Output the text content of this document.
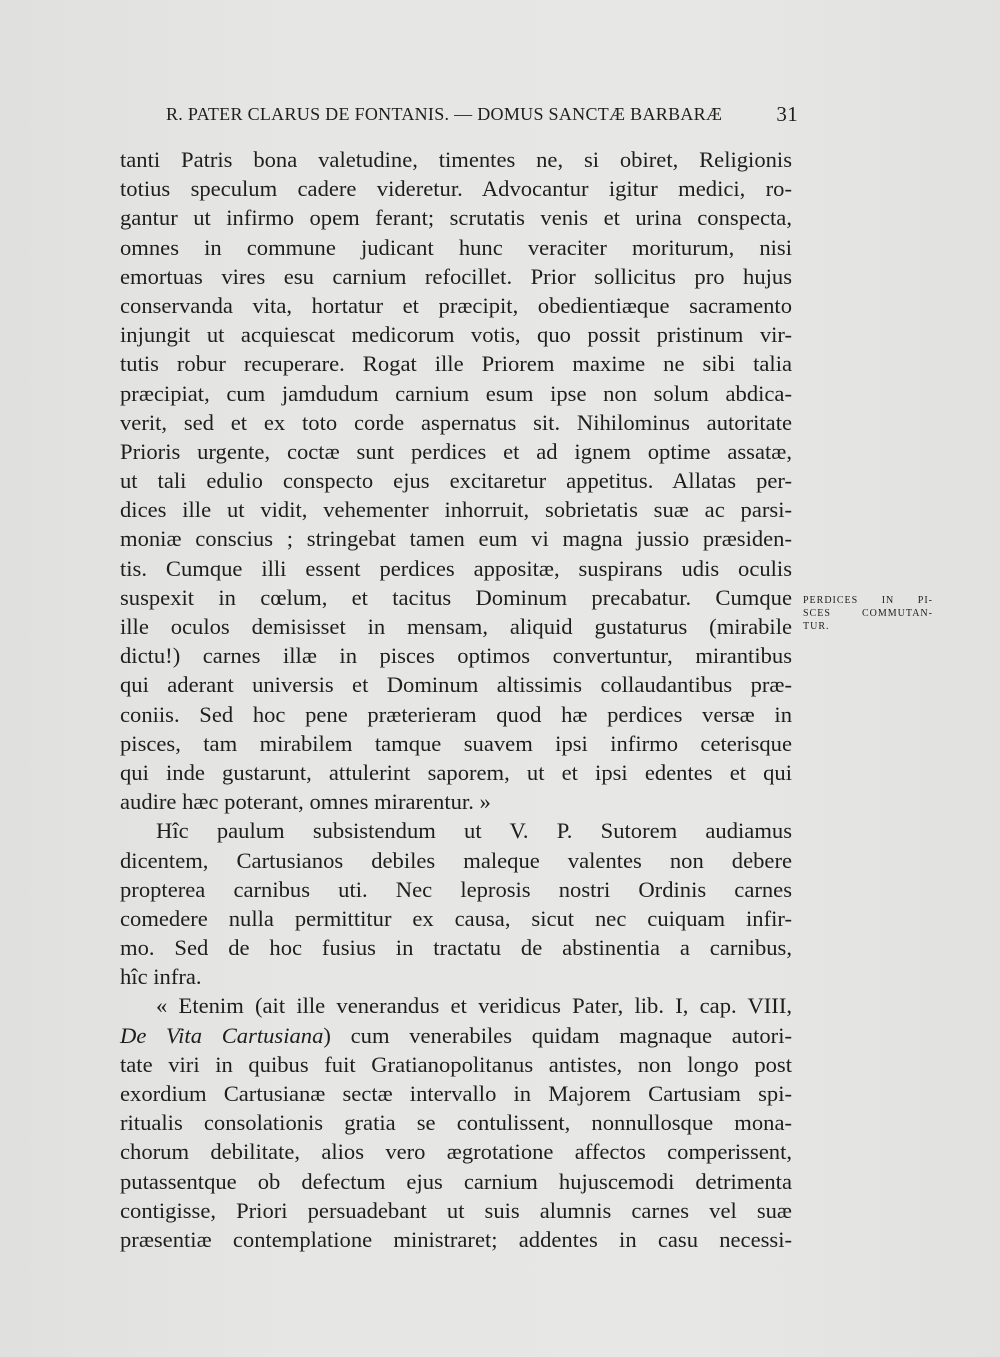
R. PATER CLARUS DE FONTANIS. — DOMUS SANCTÆ BARBARÆ	31
tanti Patris bona valetudine, timentes ne, si obiret, Religionis
totius speculum cadere videretur. Advocantur igitur medici, ro-
gantur ut infirmo opem ferant; scrutatis venis et urina conspecta,
omnes in commune judicant hunc veraciter moriturum, nisi
emortuas vires esu carnium refocillet. Prior sollicitus pro hujus
conservanda vita, hortatur et præcipit, obedientiæque sacramento
injungit ut acquiescat medicorum votis, quo possit pristinum vir-
tutis robur recuperare. Rogat ille Priorem maxime ne sibi talia
præcipiat, cum jamdudum carnium esum ipse non solum abdica-
verit, sed et ex toto corde aspernatus sit. Nihilominus autoritate
Prioris urgente, coctæ sunt perdices et ad ignem optime assatæ,
ut tali edulio conspecto ejus excitaretur appetitus. Allatas per-
dices ille ut vidit, vehementer inhorruit, sobrietatis suæ ac parsi-
moniæ conscius ; stringebat tamen eum vi magna jussio præsiden-
tis. Cumque illi essent perdices appositæ, suspirans udis oculis
suspexit in cœlum, et tacitus Dominum precabatur. Cumque
ille oculos demisisset in mensam, aliquid gustaturus (mirabile
dictu!) carnes illæ in pisces optimos convertuntur, mirantibus
qui aderant universis et Dominum altissimis collaudantibus præ-
coniis. Sed hoc pene præterieram quod hæ perdices versæ in
pisces, tam mirabilem tamque suavem ipsi infirmo ceterisque
qui inde gustarunt, attulerint saporem, ut et ipsi edentes et qui
audire hæc poterant, omnes mirarentur. »
Hîc paulum subsistendum ut V. P. Sutorem audiamus
dicentem, Cartusianos debiles maleque valentes non debere
propterea carnibus uti. Nec leprosis nostri Ordinis carnes
comedere nulla permittitur ex causa, sicut nec cuiquam infir-
mo. Sed de hoc fusius in tractatu de abstinentia a carnibus,
hîc infra.
« Etenim (ait ille venerandus et veridicus Pater, lib. I, cap. VIII,
De Vita Cartusiana) cum venerabiles quidam magnaque autori-
tate viri in quibus fuit Gratianopolitanus antistes, non longo post
exordium Cartusianæ sectæ intervallo in Majorem Cartusiam spi-
ritualis consolationis gratia se contulissent, nonnullosque mona-
chorum debilitate, alios vero ægrotatione affectos comperissent,
putassentque ob defectum ejus carnium hujuscemodi detrimenta
contigisse, Priori persuadebant ut suis alumnis carnes vel suæ
præsentiæ contemplatione ministraret; addentes in casu necessi-
PERDICES IN PI-
SCES COMMUTAN-
TUR.
